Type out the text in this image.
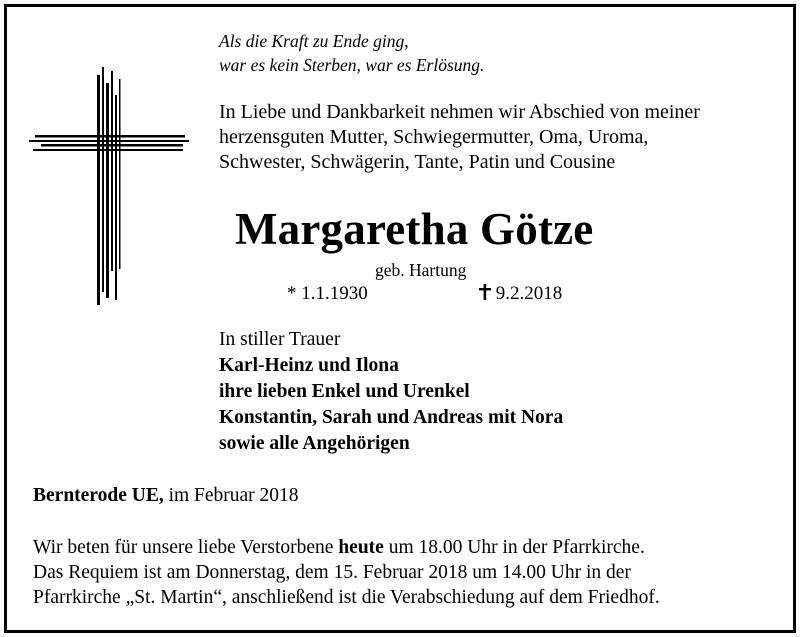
Als die Kraft zu Ende ging,
war es kein Sterben, war es Erlösung.
In Liebe und Dankbarkeit nehmen wir Abschied von meiner
herzensguten Mutter, Schwiegermutter, Oma, Uroma,
Schwester, Schwägerin, Tante, Patin und Cousine
Margaretha Götze
geb. Hartung
* 1.1.1930	9.2.2018
In stiller Trauer
Karl-Heinz und Ilona
ihre lieben Enkel und Urenkel
Konstantin, Sarah und Andreas mit Nora
sowie alle Angehörigen
Bernterode UE, im Februar 2018
Wir beten für unsere liebe Verstorbene heute um 18.00 Uhr in der Pfarrkirche.
Das Requiem ist am Donnerstag, dem 15. Februar 2018 um 14.00 Uhr in der
Pfarrkirche „St. Martin“, anschließend ist die Verabschiedung auf dem Friedhof.
